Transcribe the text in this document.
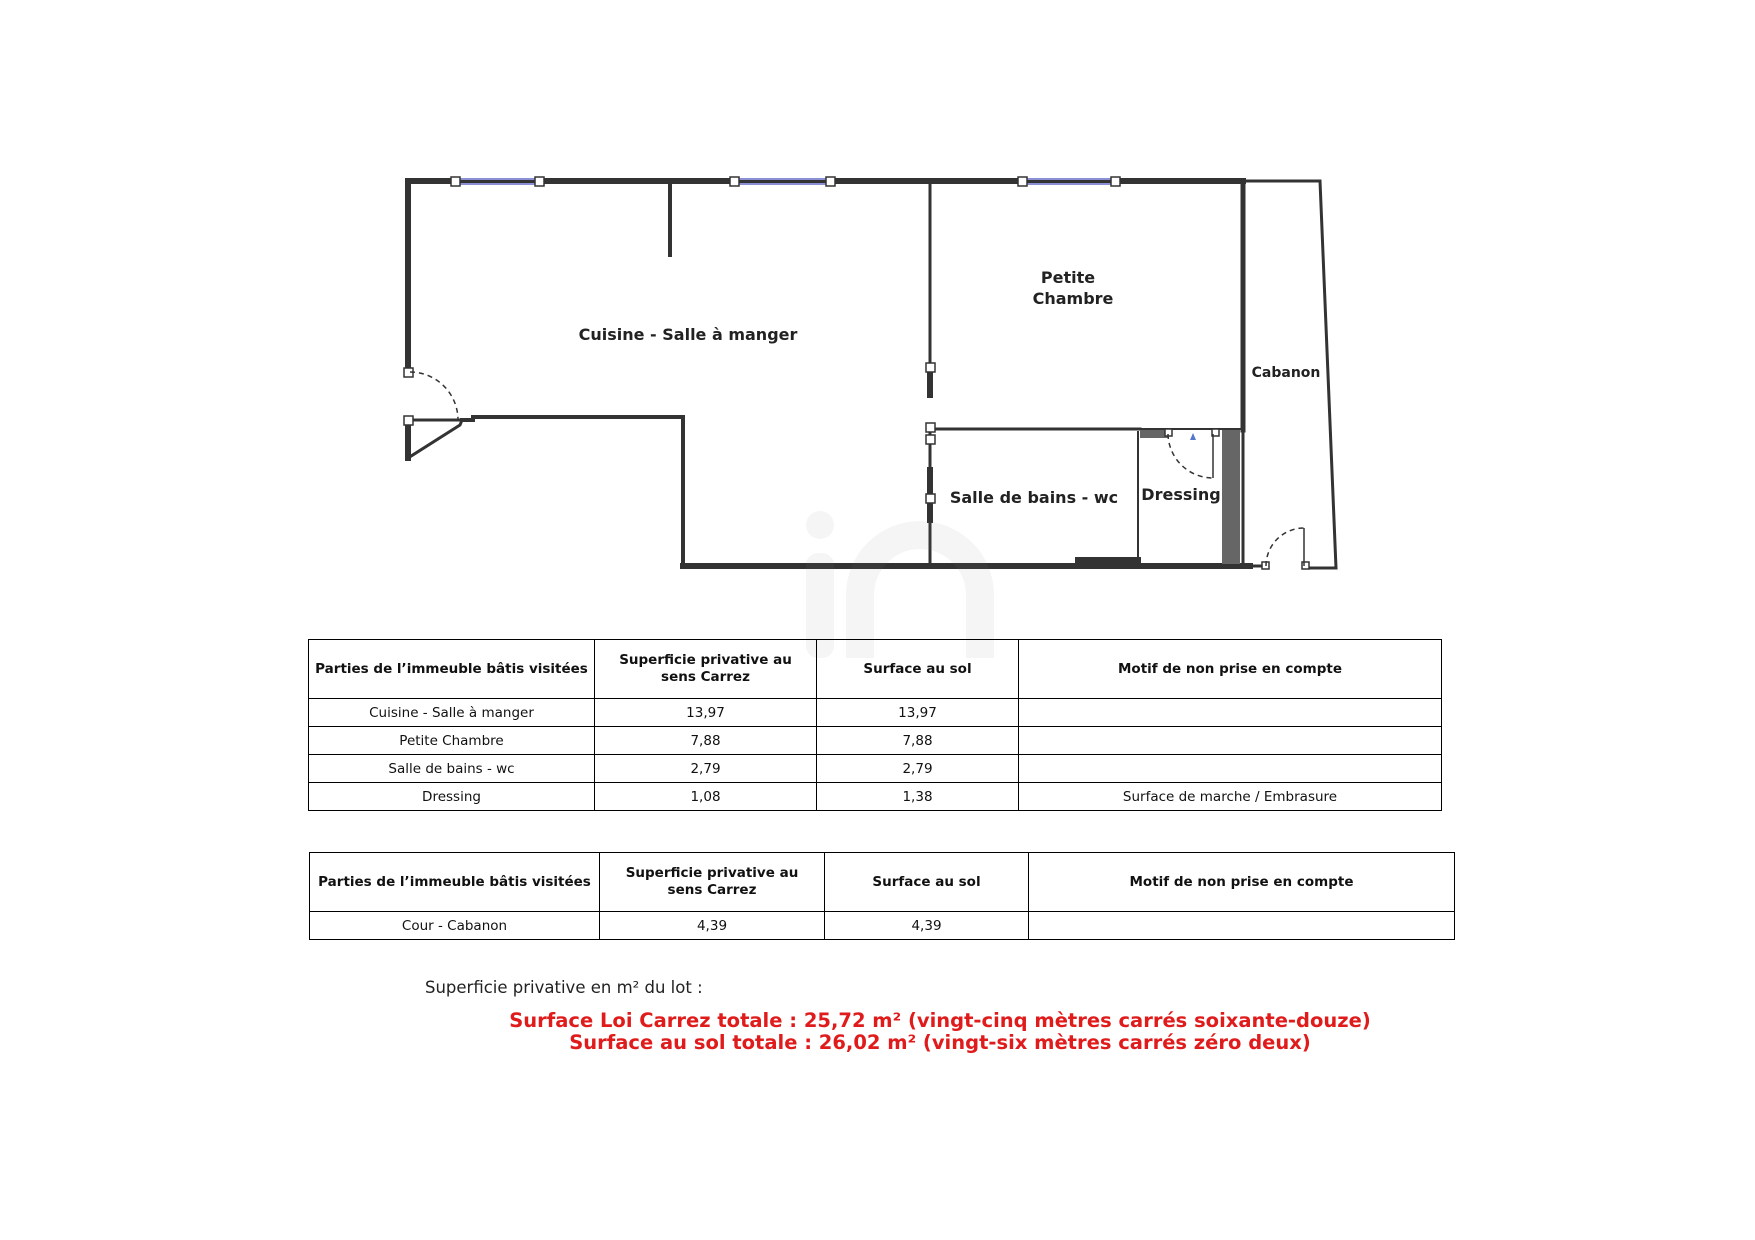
Cuisine - Salle à manger
Petite
Chambre
Cabanon
Salle de bains - wc Dressing
Parties de l’immeuble bâtis visitées	Superficie privative au sens Carrez	Surface au sol	Motif de non prise en compte
Cuisine - Salle à manger	13,97	13,97	
Petite Chambre	7,88	7,88	
Salle de bains - wc	2,79	2,79	
Dressing	1,08	1,38	Surface de marche / Embrasure
Parties de l’immeuble bâtis visitées	Superficie privative au sens Carrez	Surface au sol	Motif de non prise en compte
Cour - Cabanon	4,39	4,39	
Superficie privative en m² du lot :
Surface Loi Carrez totale : 25,72 m² (vingt-cinq mètres carrés soixante-douze)
Surface au sol totale : 26,02 m² (vingt-six mètres carrés zéro deux)
